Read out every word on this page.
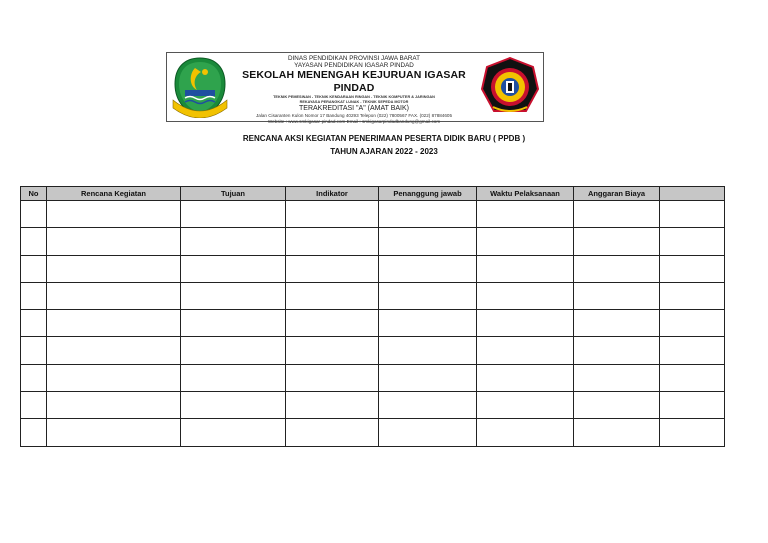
DINAS PENDIDIKAN PROVINSI JAWA BARAT
YAYASAN PENDIDIKAN IGASAR PINDAD
SEKOLAH MENENGAH KEJURUAN IGASAR PINDAD
TEKNIK PEMESINAN - TEKNIK KENDARAAN RINGAN - TEKNIK KOMPUTER & JARINGAN
REKAYASA PERANGKAT LUNAK - TEKNIK SEPEDA MOTOR
TERAKREDITASI "A" (AMAT BAIK)
Jalan Cisaranten Kulon Nomor 17 Bandung 40293 Telepon (022) 7800567 FAX. (022) 87884605
Website : www.smkigasar-pindad.com Email : smkigasarpindadbandung@gmail.com
RENCANA AKSI KEGIATAN PENERIMAAN PESERTA DIDIK BARU ( PPDB )
TAHUN AJARAN 2022 - 2023
No	Rencana Kegiatan	Tujuan	Indikator	Penanggung jawab	Waktu Pelaksanaan	Anggaran Biaya	
